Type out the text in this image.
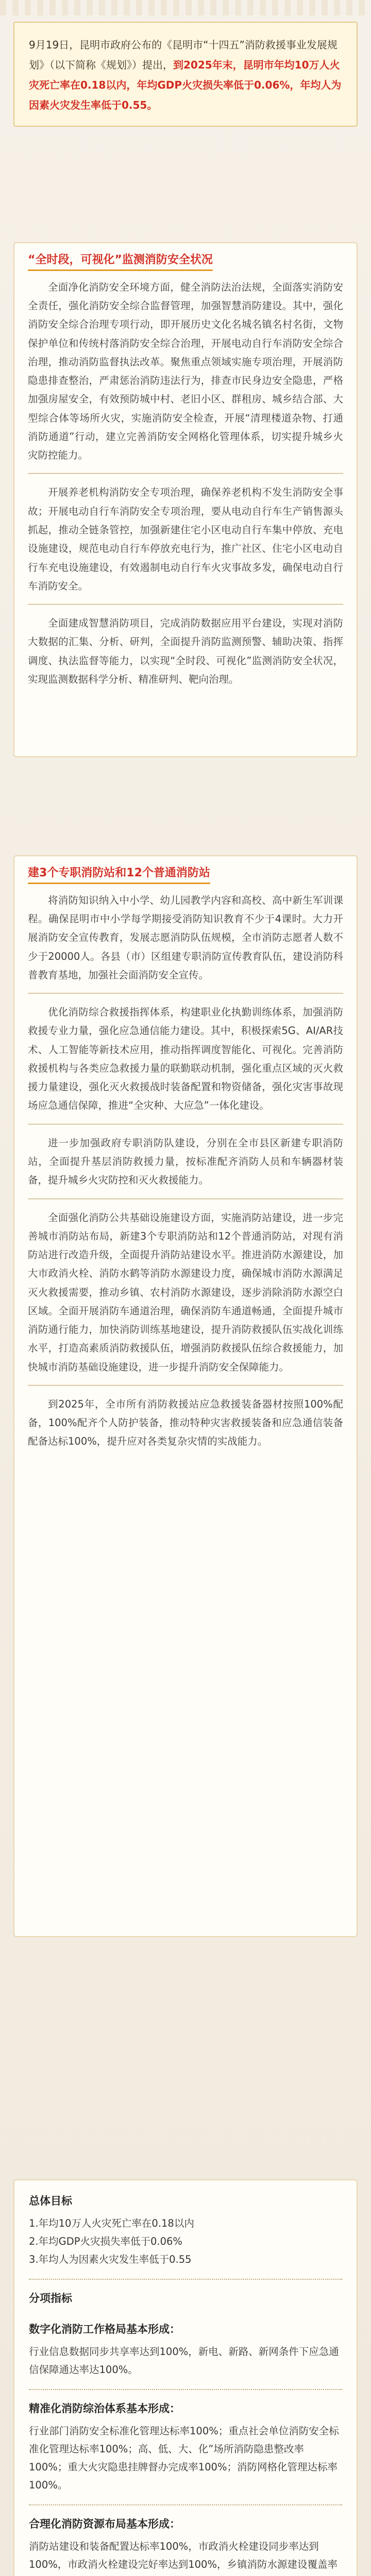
9月19日，昆明市政府公布的《昆明市“十四五”消防救援事业发展规划》（以下简称《规划》）提出，到2025年末，昆明市年均10万人火灾死亡率在0.18以内，年均GDP火灾损失率低于0.06%，年均人为因素火灾发生率低于0.55。
“全时段，可视化”监测消防安全状况

全面净化消防安全环境方面，健全消防法治法规，全面落实消防安全责任，强化消防安全综合监督管理，加强智慧消防建设。其中，强化消防安全综合治理专项行动，即开展历史文化名城名镇名村名街，文物保护单位和传统村落消防安全综合治理，开展电动自行车消防安全综合治理，推动消防监督执法改革。聚焦重点领域实施专项治理，开展消防隐患排查整治，严肃惩治消防违法行为，排查市民身边安全隐患，严格加强房屋安全，有效预防城中村、老旧小区、群租房、城乡结合部、大型综合体等场所火灾，实施消防安全检查，开展“清理楼道杂物、打通消防通道”行动，建立完善消防安全网格化管理体系，切实提升城乡火灾防控能力。

开展养老机构消防安全专项治理，确保养老机构不发生消防安全事故；开展电动自行车消防安全专项治理，要从电动自行车生产销售源头抓起，推动全链条管控，加强新建住宅小区电动自行车集中停放、充电设施建设，规范电动自行车停放充电行为，推广社区、住宅小区电动自行车充电设施建设，有效遏制电动自行车火灾事故多发，确保电动自行车消防安全。

全面建成智慧消防项目，完成消防数据应用平台建设，实现对消防大数据的汇集、分析、研判，全面提升消防监测预警、辅助决策、指挥调度、执法监督等能力，以实现“全时段、可视化”监测消防安全状况，实现监测数据科学分析、精准研判、靶向治理。

建3个专职消防站和12个普通消防站

将消防知识纳入中小学、幼儿园教学内容和高校、高中新生军训课程。确保昆明市中小学每学期接受消防知识教育不少于4课时。大力开展消防安全宣传教育，发展志愿消防队伍规模，全市消防志愿者人数不少于20000人。各县（市）区组建专职消防宣传教育队伍，建设消防科普教育基地，加强社会面消防安全宣传。

优化消防综合救援指挥体系，构建职业化执勤训练体系，加强消防救援专业力量，强化应急通信能力建设。其中，积极探索5G、AI/AR技术、人工智能等新技术应用，推动指挥调度智能化、可视化。完善消防救援机构与各类应急救援力量的联勤联动机制，强化重点区域的灭火救援力量建设，强化灭火救援战时装备配置和物资储备，强化灾害事故现场应急通信保障，推进“全灾种、大应急”一体化建设。

进一步加强政府专职消防队建设，分别在全市县区新建专职消防站，全面提升基层消防救援力量，按标准配齐消防人员和车辆器材装备，提升城乡火灾防控和灭火救援能力。

全面强化消防公共基础设施建设方面，实施消防站建设，进一步完善城市消防站布局，新建3个专职消防站和12个普通消防站，对现有消防站进行改造升级，全面提升消防站建设水平。推进消防水源建设，加大市政消火栓、消防水鹤等消防水源建设力度，确保城市消防水源满足灭火救援需要，推动乡镇、农村消防水源建设，逐步消除消防水源空白区域。全面开展消防车通道治理，确保消防车通道畅通，全面提升城市消防通行能力，加快消防训练基地建设，提升消防救援队伍实战化训练水平，打造高素质消防救援队伍，增强消防救援队伍综合救援能力，加快城市消防基础设施建设，进一步提升消防安全保障能力。

到2025年，全市所有消防救援站应急救援装备器材按照100%配备，100%配齐个人防护装备，推动特种灾害救援装备和应急通信装备配备达标100%，提升应对各类复杂灾情的实战能力。

总体目标
1.年均10万人火灾死亡率在0.18以内
2.年均GDP火灾损失率低于0.06%
3.年均人为因素火灾发生率低于0.55
分项指标
数字化消防工作格局基本形成：
行业信息数据同步共享率达到100%，新电、新路、新网条件下应急通信保障通达率达100%。
精准化消防综治体系基本形成：
行业部门消防安全标准化管理达标率100%；重点社会单位消防安全标准化管理达标率100%；高、低、大、化”场所消防隐患整改率100%；重大火灾隐患挂牌督办完成率100%；消防网格化管理达标率100%。
合理化消防资源布局基本形成：
消防站建设和装备配置达标率100%，市政消火栓建设同步率达到100%，市政消火栓建设完好率达到100%，乡镇消防水源建设覆盖率
